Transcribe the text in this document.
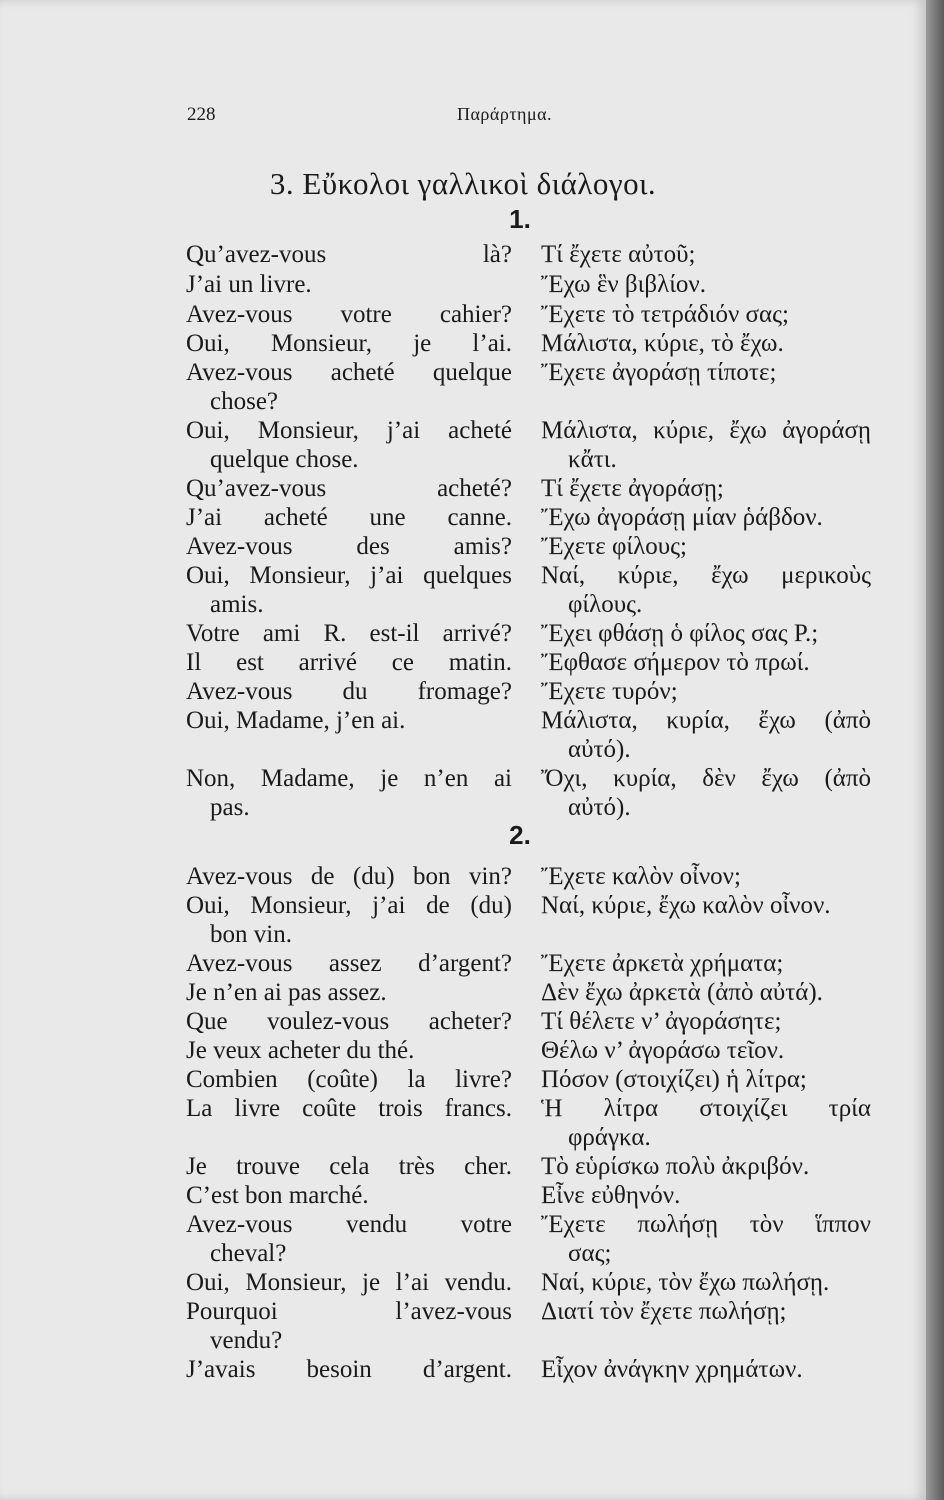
228	Παράρτημα.
3. Εὔκολοι γαλλικοὶ διάλογοι.
1.
Qu’avez-vous là?
J’ai un livre.
Avez-vous votre cahier?
Oui, Monsieur, je l’ai.
Avez-vous acheté quelque
chose?
Oui, Monsieur, j’ai acheté
quelque chose.
Qu’avez-vous acheté?
J’ai acheté une canne.
Avez-vous des amis?
Oui, Monsieur, j’ai quelques
amis.
Votre ami R. est-il arrivé?
Il est arrivé ce matin.
Avez-vous du fromage?
Oui, Madame, j’en ai.
Non, Madame, je n’en ai
pas.
Τί ἔχετε αὐτοῦ;
Ἔχω ἓν βιβλίον.
Ἔχετε τὸ τετράδιόν σας;
Μάλιστα, κύριε, τὸ ἔχω.
Ἔχετε ἀγοράσῃ τίποτε;
Μάλιστα, κύριε, ἔχω ἀγοράσῃ
κἄτι.
Τί ἔχετε ἀγοράσῃ;
Ἔχω ἀγοράσῃ μίαν ῥάβδον.
Ἔχετε φίλους;
Ναί, κύριε, ἔχω μερικοὺς
φίλους.
Ἔχει φθάσῃ ὁ φίλος σας Ρ.;
Ἔφθασε σήμερον τὸ πρωί.
Ἔχετε τυρόν;
Μάλιστα, κυρία, ἔχω (ἀπὸ
αὐτό).
Ὄχι, κυρία, δὲν ἔχω (ἀπὸ
αὐτό).
2.
Avez-vous de (du) bon vin?
Oui, Monsieur, j’ai de (du)
bon vin.
Avez-vous assez d’argent?
Je n’en ai pas assez.
Que voulez-vous acheter?
Je veux acheter du thé.
Combien (coûte) la livre?
La livre coûte trois francs.
Je trouve cela très cher.
C’est bon marché.
Avez-vous vendu votre
cheval?
Oui, Monsieur, je l’ai vendu.
Pourquoi l’avez-vous
vendu?
J’avais besoin d’argent.
Ἔχετε καλὸν οἶνον;
Ναί, κύριε, ἔχω καλὸν οἶνον.
Ἔχετε ἀρκετὰ χρήματα;
Δὲν ἔχω ἀρκετὰ (ἀπὸ αὐτά).
Τί θέλετε ν’ ἀγοράσητε;
Θέλω ν’ ἀγοράσω τεῖον.
Πόσον (στοιχίζει) ἡ λίτρα;
Ἡ λίτρα στοιχίζει τρία
φράγκα.
Τὸ εὑρίσκω πολὺ ἀκριβόν.
Εἶνε εὐθηνόν.
Ἔχετε πωλήσῃ τὸν ἵππον
σας;
Ναί, κύριε, τὸν ἔχω πωλήσῃ.
Διατί τὸν ἔχετε πωλήσῃ;
Εἶχον ἀνάγκην χρημάτων.
